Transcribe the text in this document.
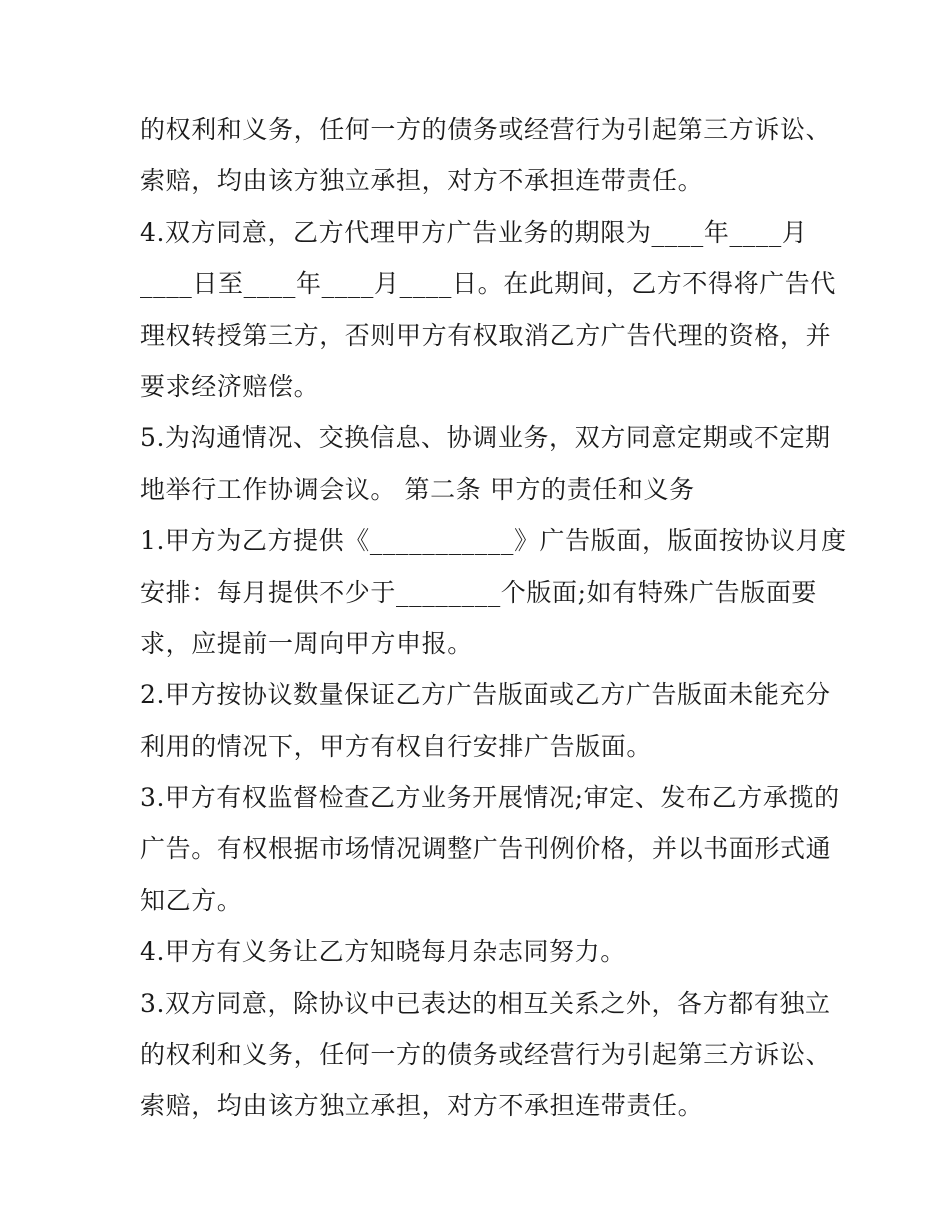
的权利和义务，任何一方的债务或经营行为引起第三方诉讼、
索赔，均由该方独立承担，对方不承担连带责任。
4.双方同意，乙方代理甲方广告业务的期限为____年____月
____日至____年____月____日。在此期间，乙方不得将广告代
理权转授第三方，否则甲方有权取消乙方广告代理的资格，并
要求经济赔偿。
5.为沟通情况、交换信息、协调业务，双方同意定期或不定期
地举行工作协调会议。 第二条 甲方的责任和义务
1.甲方为乙方提供《___________》广告版面，版面按协议月度
安排：每月提供不少于________个版面;如有特殊广告版面要
求，应提前一周向甲方申报。
2.甲方按协议数量保证乙方广告版面或乙方广告版面未能充分
利用的情况下，甲方有权自行安排广告版面。
3.甲方有权监督检查乙方业务开展情况;审定、发布乙方承揽的
广告。有权根据市场情况调整广告刊例价格，并以书面形式通
知乙方。
4.甲方有义务让乙方知晓每月杂志同努力。
3.双方同意，除协议中已表达的相互关系之外，各方都有独立
的权利和义务，任何一方的债务或经营行为引起第三方诉讼、
索赔，均由该方独立承担，对方不承担连带责任。
